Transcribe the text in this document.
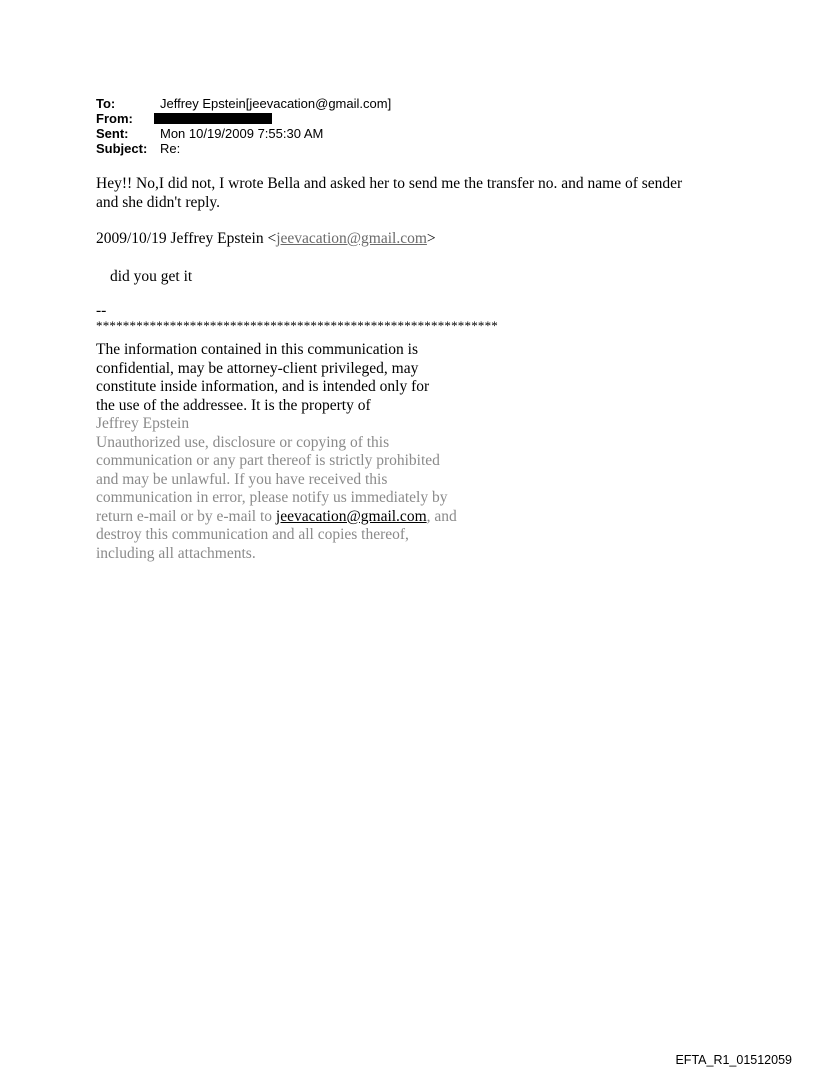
To:	Jeffrey Epstein[jeevacation@gmail.com]
From:
Sent:	Mon 10/19/2009 7:55:30 AM
Subject: Re:
Hey!! No,I did not, I wrote Bella and asked her to send me the transfer no. and name of sender
and she didn't reply.
2009/10/19 Jeffrey Epstein <jeevacation@gmail.com>
did you get it
--
************************************************************
The information contained in this communication is
confidential, may be attorney-client privileged, may
constitute inside information, and is intended only for
the use of the addressee. It is the property of
Jeffrey Epstein
Unauthorized use, disclosure or copying of this
communication or any part thereof is strictly prohibited
and may be unlawful. If you have received this
communication in error, please notify us immediately by
return e-mail or by e-mail to jeevacation@gmail.com, and
destroy this communication and all copies thereof,
including all attachments.
EFTA_R1_01512059
